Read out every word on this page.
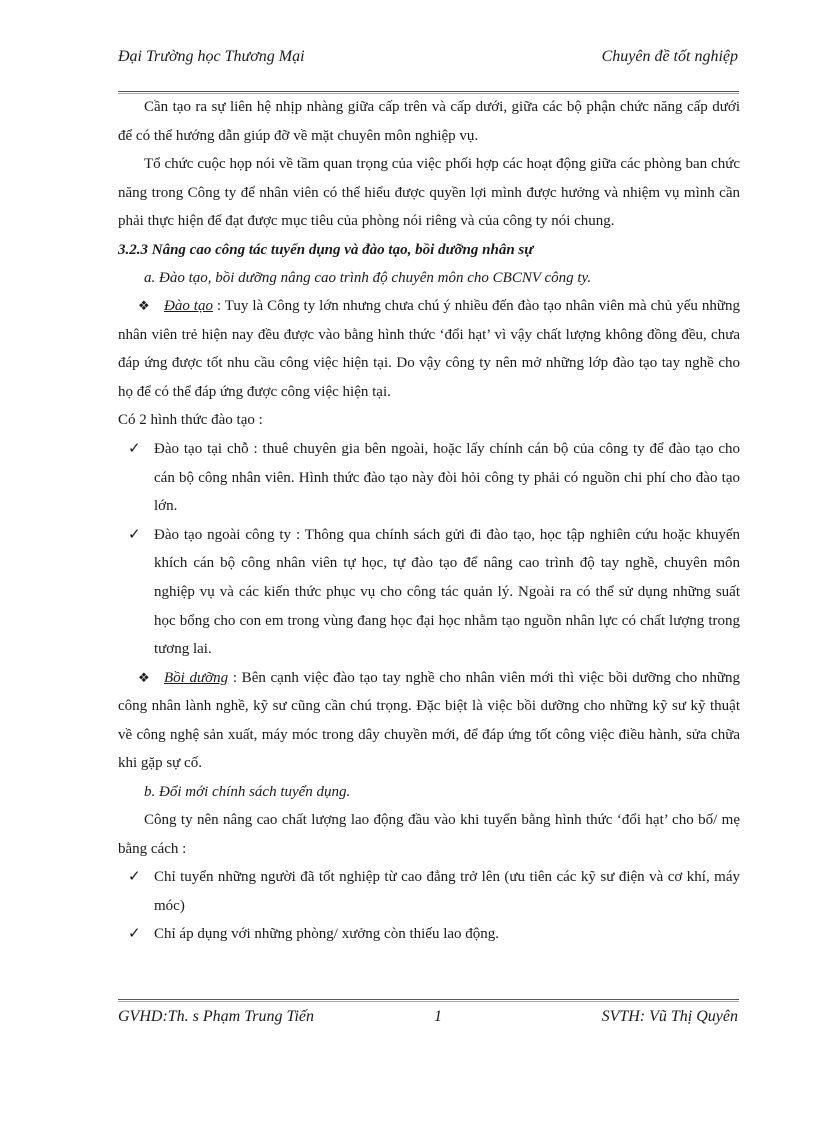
Đại Trường học Thương Mại	Chuyên đề tốt nghiệp

Cần tạo ra sự liên hệ nhịp nhàng giữa cấp trên và cấp dưới, giữa các bộ phận chức năng cấp dưới để có thể hướng dẫn giúp đỡ về mặt chuyên môn nghiệp vụ.

Tổ chức cuộc họp nói về tầm quan trọng của việc phối hợp các hoạt động giữa các phòng ban chức năng trong Công ty để nhân viên có thể hiểu được quyền lợi mình được hưởng và nhiệm vụ mình cần phải thực hiện để đạt được mục tiêu của phòng nói riêng và của công ty nói chung.

3.2.3 Nâng cao công tác tuyển dụng và đào tạo, bồi dưỡng nhân sự

a. Đào tạo, bồi dưỡng nâng cao trình độ chuyên môn cho CBCNV công ty.

❖ Đào tạo : Tuy là Công ty lớn nhưng chưa chú ý nhiều đến đào tạo nhân viên mà chủ yếu những nhân viên trẻ hiện nay đều được vào bằng hình thức ‘đổi hạt’ vì vậy chất lượng không đồng đều, chưa đáp ứng được tốt nhu cầu công việc hiện tại. Do vậy công ty nên mở những lớp đào tạo tay nghề cho họ để có thể đáp ứng được công việc hiện tại.

Có 2 hình thức đào tạo :

✓ Đào tạo tại chỗ : thuê chuyên gia bên ngoài, hoặc lấy chính cán bộ của công ty để đào tạo cho cán bộ công nhân viên. Hình thức đào tạo này đòi hỏi công ty phải có nguồn chi phí cho đào tạo lớn.
✓ Đào tạo ngoài công ty : Thông qua chính sách gửi đi đào tạo, học tập nghiên cứu hoặc khuyến khích cán bộ công nhân viên tự học, tự đào tạo để nâng cao trình độ tay nghề, chuyên môn nghiệp vụ và các kiến thức phục vụ cho công tác quản lý. Ngoài ra có thể sử dụng những suất học bổng cho con em trong vùng đang học đại học nhằm tạo nguồn nhân lực có chất lượng trong tương lai.

❖ Bồi dưỡng : Bên cạnh việc đào tạo tay nghề cho nhân viên mới thì việc bồi dưỡng cho những công nhân lành nghề, kỹ sư cũng cần chú trọng. Đặc biệt là việc bồi dưỡng cho những kỹ sư kỹ thuật về công nghệ sản xuất, máy móc trong dây chuyền mới, để đáp ứng tốt công việc điều hành, sửa chữa khi gặp sự cố.

b. Đổi mới chính sách tuyển dụng.

Công ty nên nâng cao chất lượng lao động đầu vào khi tuyển bằng hình thức ‘đổi hạt’ cho bố/ mẹ bằng cách :

✓ Chỉ tuyển những người đã tốt nghiệp từ cao đẳng trở lên (ưu tiên các kỹ sư điện và cơ khí, máy móc)
✓ Chỉ áp dụng với những phòng/ xưởng còn thiếu lao động.
GVHD:Th. s Phạm Trung Tiến	1	SVTH: Vũ Thị Quyên
